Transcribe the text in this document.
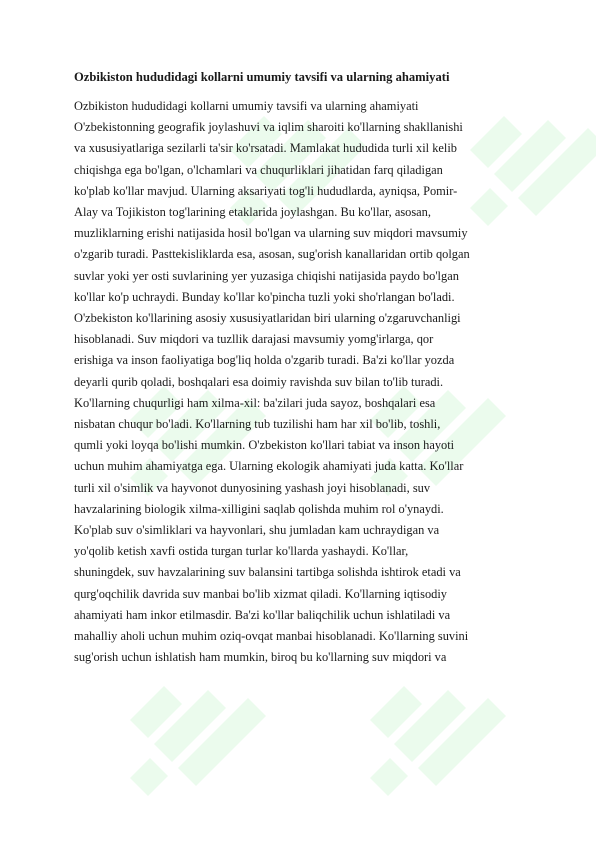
Ozbikiston hududidagi kollarni umumiy tavsifi va ularning ahamiyati

Ozbikiston hududidagi kollarni umumiy tavsifi va ularning ahamiyati
O'zbekistonning geografik joylashuvi va iqlim sharoiti ko'llarning shakllanishi
va xususiyatlariga sezilarli ta'sir ko'rsatadi. Mamlakat hududida turli xil kelib
chiqishga ega bo'lgan, o'lchamlari va chuqurliklari jihatidan farq qiladigan
ko'plab ko'llar mavjud. Ularning aksariyati tog'li hududlarda, ayniqsa, Pomir-
Alay va Tojikiston tog'larining etaklarida joylashgan. Bu ko'llar, asosan,
muzliklarning erishi natijasida hosil bo'lgan va ularning suv miqdori mavsumiy
o'zgarib turadi. Pasttekisliklarda esa, asosan, sug'orish kanallaridan ortib qolgan
suvlar yoki yer osti suvlarining yer yuzasiga chiqishi natijasida paydo bo'lgan
ko'llar ko'p uchraydi. Bunday ko'llar ko'pincha tuzli yoki sho'rlangan bo'ladi.
O'zbekiston ko'llarining asosiy xususiyatlaridan biri ularning o'zgaruvchanligi
hisoblanadi. Suv miqdori va tuzllik darajasi mavsumiy yomg'irlarga, qor
erishiga va inson faoliyatiga bog'liq holda o'zgarib turadi. Ba'zi ko'llar yozda
deyarli qurib qoladi, boshqalari esa doimiy ravishda suv bilan to'lib turadi.
Ko'llarning chuqurligi ham xilma-xil: ba'zilari juda sayoz, boshqalari esa
nisbatan chuqur bo'ladi. Ko'llarning tub tuzilishi ham har xil bo'lib, toshli,
qumli yoki loyqa bo'lishi mumkin. O'zbekiston ko'llari tabiat va inson hayoti
uchun muhim ahamiyatga ega. Ularning ekologik ahamiyati juda katta. Ko'llar
turli xil o'simlik va hayvonot dunyosining yashash joyi hisoblanadi, suv
havzalarining biologik xilma-xilligini saqlab qolishda muhim rol o'ynaydi.
Ko'plab suv o'simliklari va hayvonlari, shu jumladan kam uchraydigan va
yo'qolib ketish xavfi ostida turgan turlar ko'llarda yashaydi. Ko'llar,
shuningdek, suv havzalarining suv balansini tartibga solishda ishtirok etadi va
qurg'oqchilik davrida suv manbai bo'lib xizmat qiladi. Ko'llarning iqtisodiy
ahamiyati ham inkor etilmasdir. Ba'zi ko'llar baliqchilik uchun ishlatiladi va
mahalliy aholi uchun muhim oziq-ovqat manbai hisoblanadi. Ko'llarning suvini
sug'orish uchun ishlatish ham mumkin, biroq bu ko'llarning suv miqdori va
